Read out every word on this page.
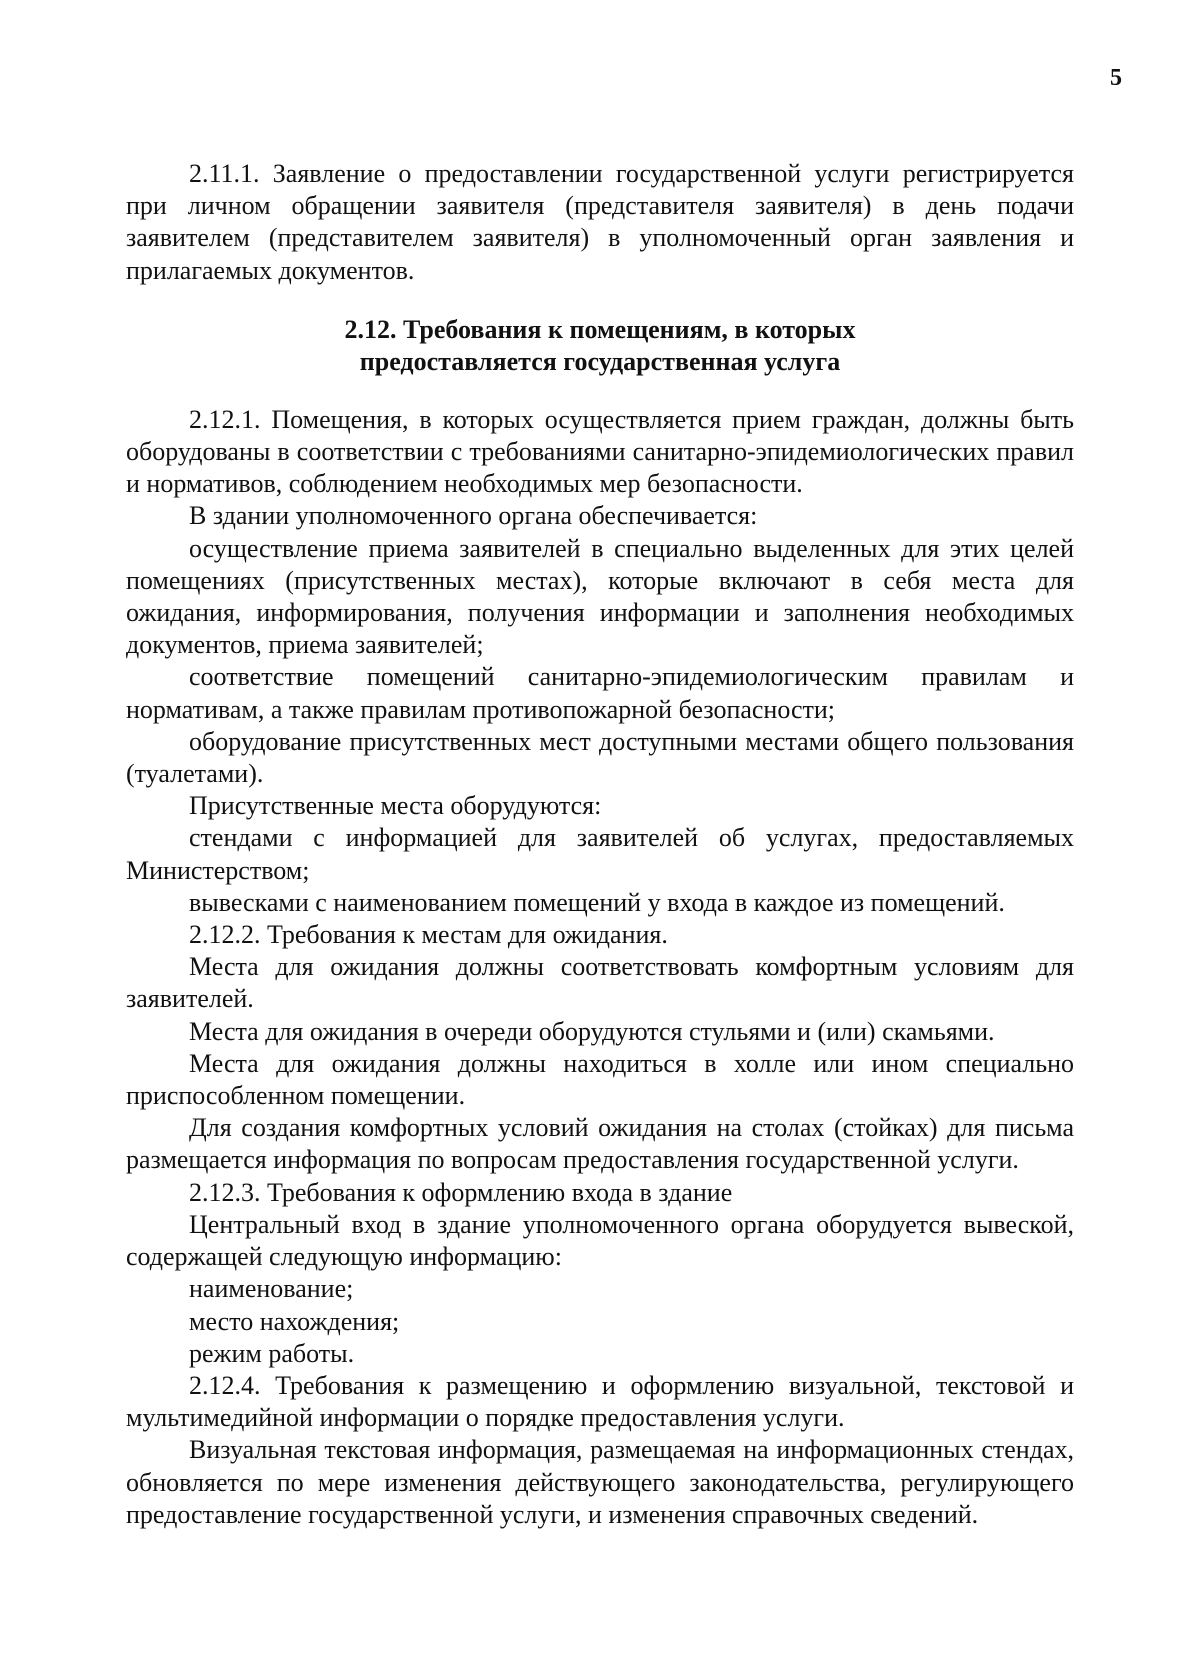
5

2.11.1. Заявление о предоставлении государственной услуги регистрируется при личном обращении заявителя (представителя заявителя) в день подачи заявителем (представителем заявителя) в уполномоченный орган заявления и прилагаемых документов.

2.12. Требования к помещениям, в которых
предоставляется государственная услуга

2.12.1. Помещения, в которых осуществляется прием граждан, должны быть оборудованы в соответствии с требованиями санитарно-эпидемиологических правил и нормативов, соблюдением необходимых мер безопасности.

В здании уполномоченного органа обеспечивается:

осуществление приема заявителей в специально выделенных для этих целей помещениях (присутственных местах), которые включают в себя места для ожидания, информирования, получения информации и заполнения необходимых документов, приема заявителей;

соответствие помещений санитарно-эпидемиологическим правилам и нормативам, а также правилам противопожарной безопасности;

оборудование присутственных мест доступными местами общего пользования (туалетами).

Присутственные места оборудуются:

стендами с информацией для заявителей об услугах, предоставляемых Министерством;

вывесками с наименованием помещений у входа в каждое из помещений.

2.12.2. Требования к местам для ожидания.

Места для ожидания должны соответствовать комфортным условиям для заявителей.

Места для ожидания в очереди оборудуются стульями и (или) скамьями.

Места для ожидания должны находиться в холле или ином специально приспособленном помещении.

Для создания комфортных условий ожидания на столах (стойках) для письма размещается информация по вопросам предоставления государственной услуги.

2.12.3. Требования к оформлению входа в здание

Центральный вход в здание уполномоченного органа оборудуется вывеской, содержащей следующую информацию:

наименование;

место нахождения;

режим работы.

2.12.4. Требования к размещению и оформлению визуальной, текстовой и мультимедийной информации о порядке предоставления услуги.

Визуальная текстовая информация, размещаемая на информационных стендах, обновляется по мере изменения действующего законодательства, регулирующего предоставление государственной услуги, и изменения справочных сведений.
